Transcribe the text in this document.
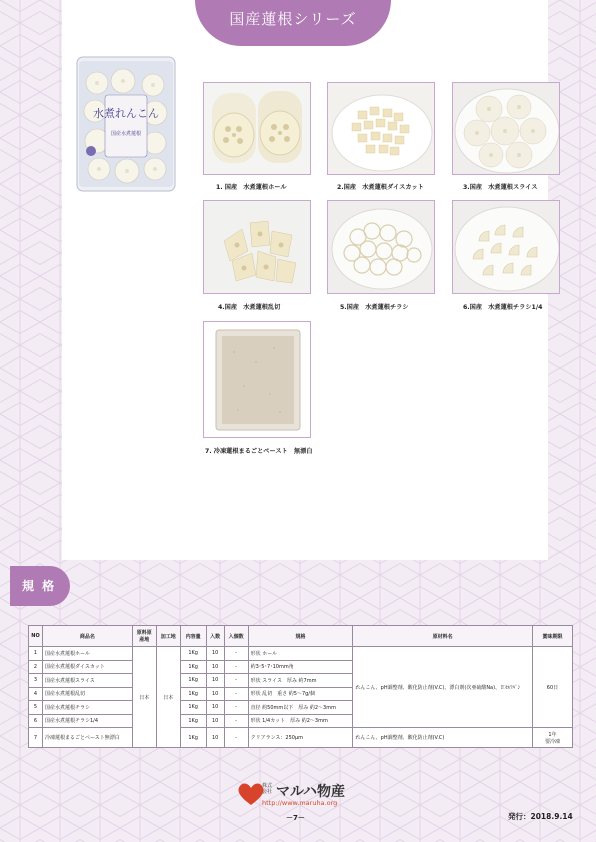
国産蓮根シリーズ
水煮れんこん
国産水煮蓮根
1. 国産　水煮蓮根ホール	2.国産　水煮蓮根ダイスカット	3.国産　水煮蓮根スライス
4.国産　水煮蓮根乱切	5.国産　水煮蓮根チラシ	6.国産　水煮蓮根チラシ1/4
7. 冷凍蓮根まるごとペースト　無漂白
規 格
NO	商品名	原料原産地	加工地	内容量	入数	入個数	規格	原材料名	賞味期限
1	国産水煮蓮根ホール	日本	日本	1Kg	10	-	形状 ホール	れんこん、pH調整剤、酸化防止剤(V.C)、漂白剤(次亜硫酸Na)、Ｅｾﾙﾗﾊﾞﾝ	60日
2	国産水煮蓮根ダイスカット			1Kg	10	-	約3･5･7･10mm角		
3	国産水煮蓮根スライス			1Kg	10	-	形状 スライス　厚み 約7mm		
4	国産水煮蓮根乱切			1Kg	10	-	形状 乱切　重さ 約5～7g/個		
5	国産水煮蓮根チラシ			1Kg	10	-	直径 約50mm以下　厚み 約2～3mm		
6	国産水煮蓮根チラシ1/4			1Kg	10	-	形状 1/4カット　厚み 約2～3mm		
7	冷凍蓮根まるごとペースト無漂白			1Kg	10	-	クリアランス：250μm	れんこん、pH調整剤、酸化防止剤(V.C)	1年
要冷凍
株式
会社 マルハ物産
http://www.maruha.org
－7－	発行：2018.9.14
